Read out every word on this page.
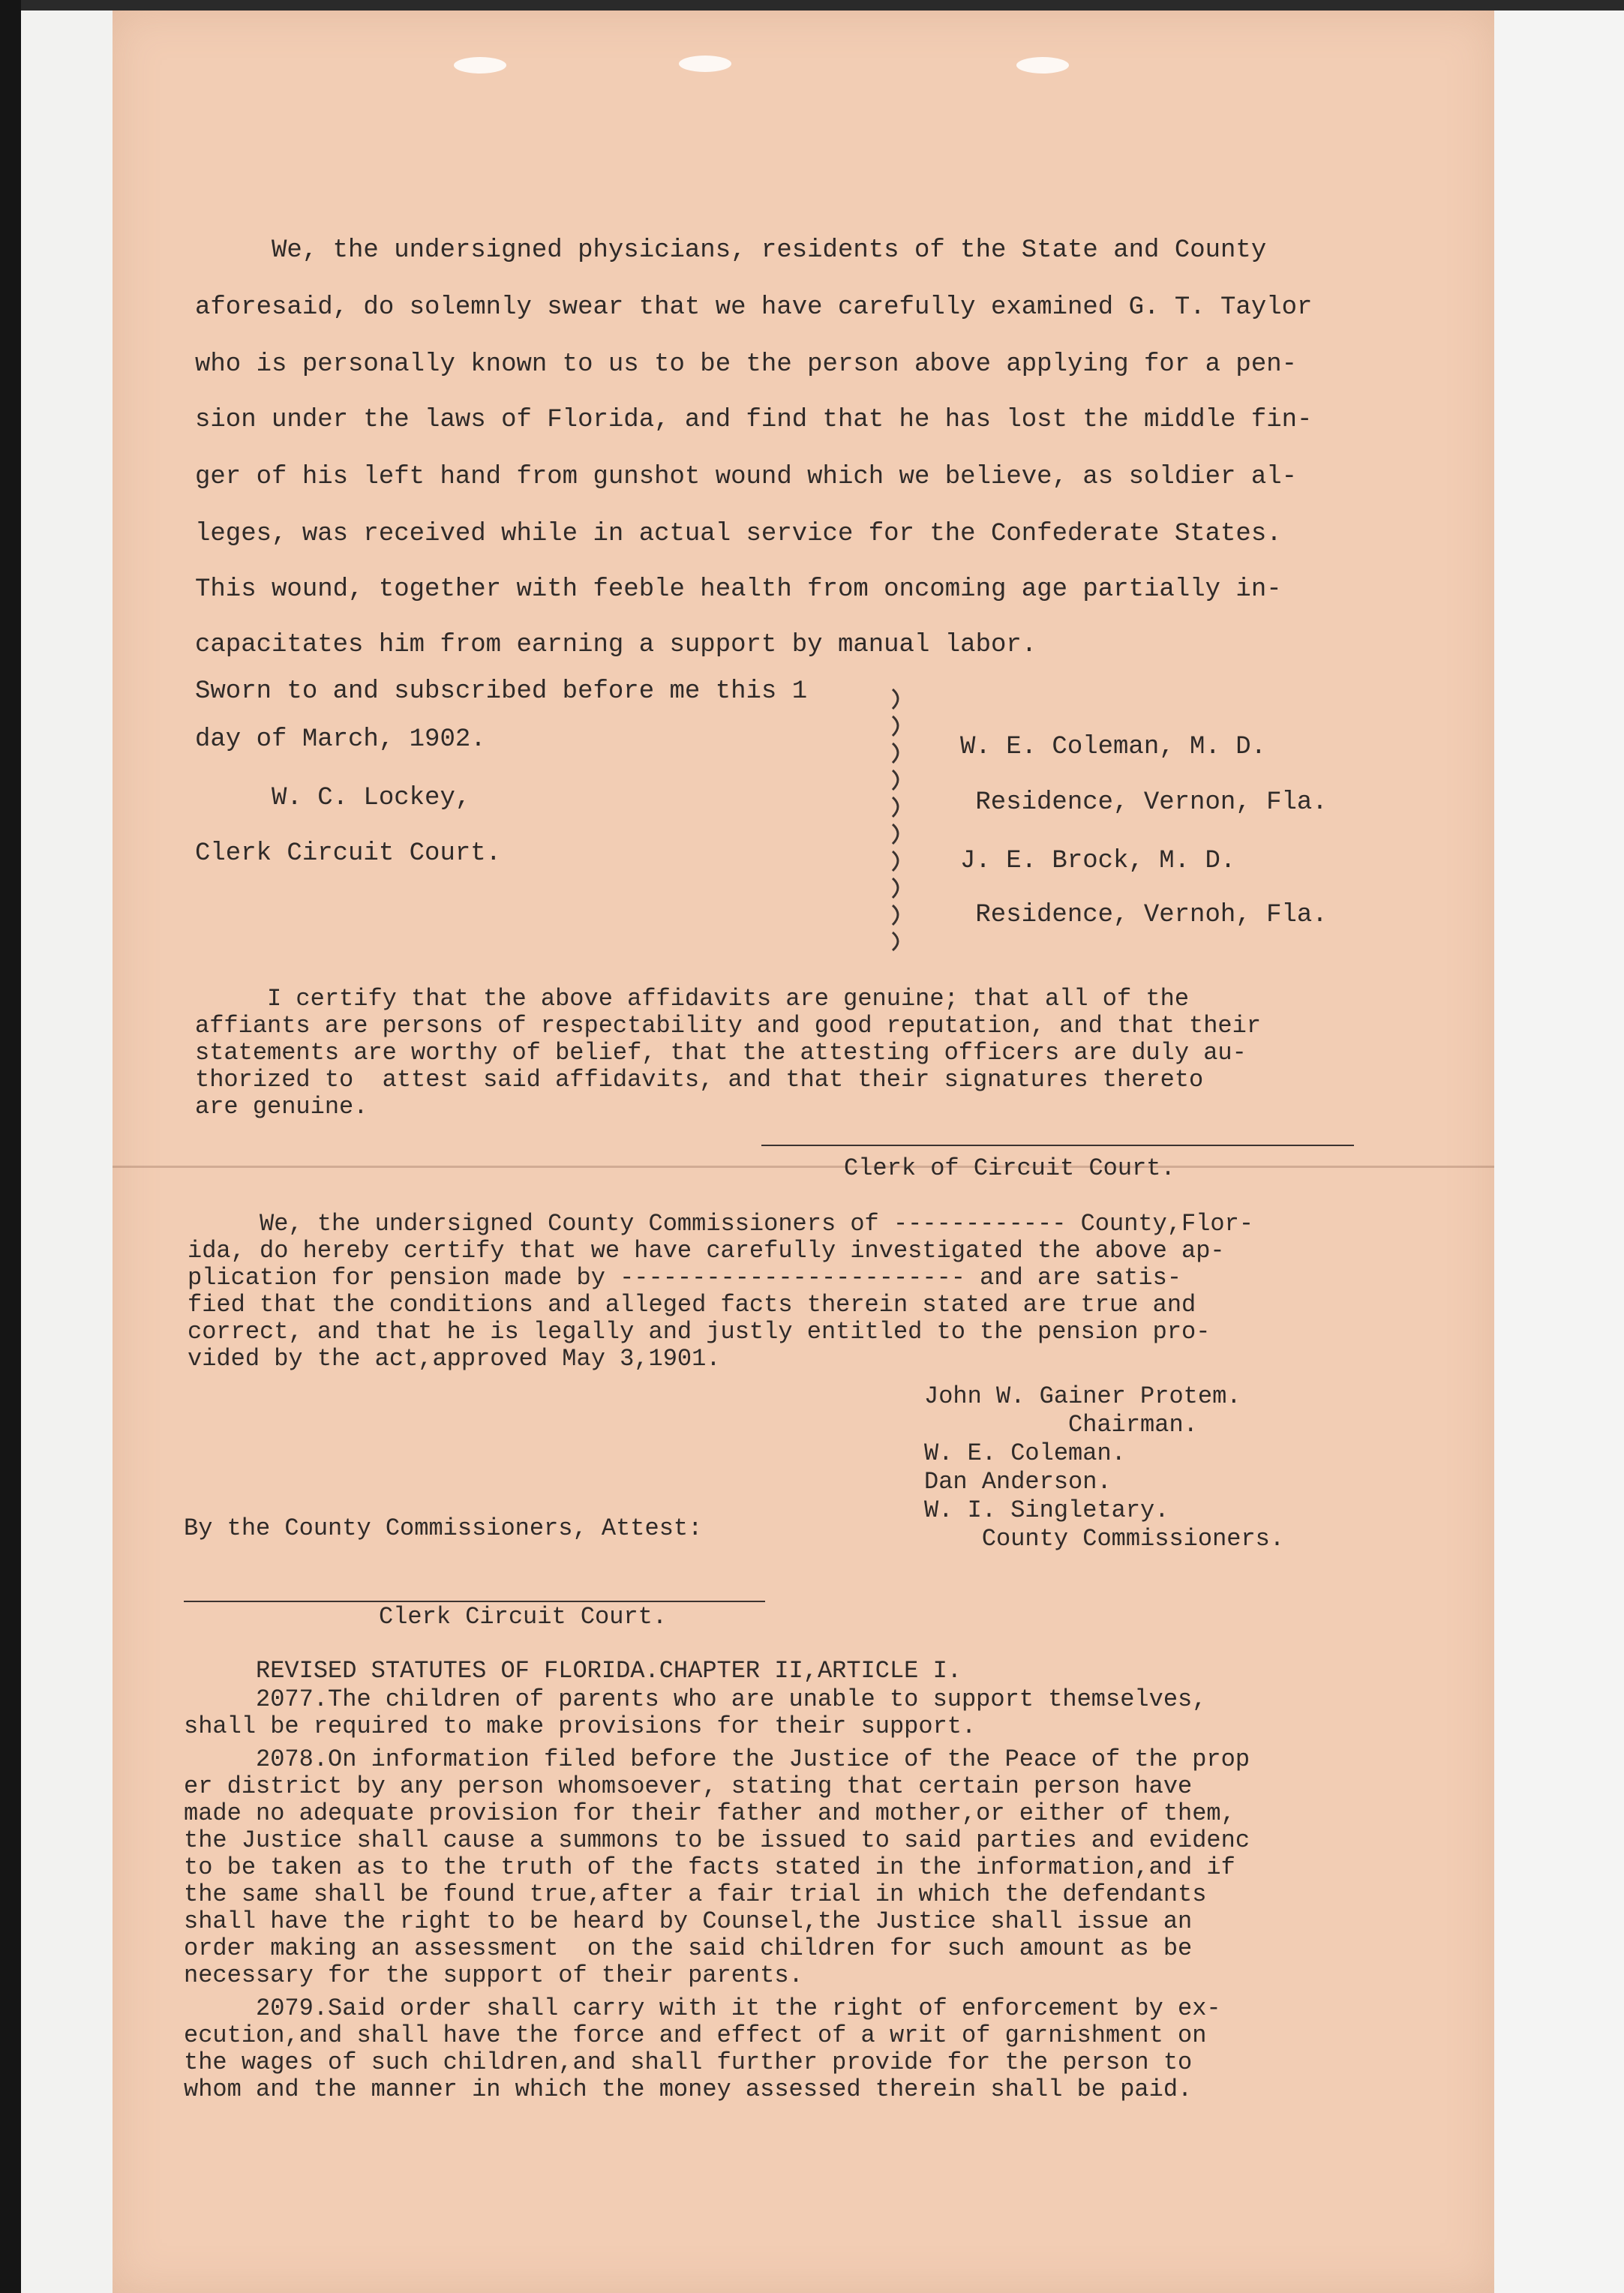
We, the undersigned physicians, residents of the State and County
aforesaid, do solemnly swear that we have carefully examined G. T. Taylor
who is personally known to us to be the person above applying for a pen-
sion under the laws of Florida, and find that he has lost the middle fin-
ger of his left hand from gunshot wound which we believe, as soldier al-
leges, was received while in actual service for the Confederate States.
This wound, together with feeble health from oncoming age partially in-
capacitates him from earning a support by manual labor.
Sworn to and subscribed before me this 1
day of March, 1902.
W. C. Lockey,
Clerk Circuit Court.
W. E. Coleman, M. D.
Residence, Vernon, Fla.
J. E. Brock, M. D.
Residence, Vernoh, Fla.
I certify that the above affidavits are genuine; that all of the
affiants are persons of respectability and good reputation, and that their
statements are worthy of belief, that the attesting officers are duly au-
thorized to  attest said affidavits, and that their signatures thereto
are genuine.
Clerk of Circuit Court.
We, the undersigned County Commissioners of ------------ County,Flor-
ida, do hereby certify that we have carefully investigated the above ap-
plication for pension made by ------------------------ and are satis-
fied that the conditions and alleged facts therein stated are true and
correct, and that he is legally and justly entitled to the pension pro-
vided by the act,approved May 3,1901.
John W. Gainer Protem.
Chairman.
W. E. Coleman.
Dan Anderson.
W. I. Singletary.
County Commissioners.
By the County Commissioners, Attest:
Clerk Circuit Court.
REVISED STATUTES OF FLORIDA.CHAPTER II,ARTICLE I.
2077.The children of parents who are unable to support themselves,
shall be required to make provisions for their support.
2078.On information filed before the Justice of the Peace of the prop
er district by any person whomsoever, stating that certain person have
made no adequate provision for their father and mother,or either of them,
the Justice shall cause a summons to be issued to said parties and evidenc
to be taken as to the truth of the facts stated in the information,and if
the same shall be found true,after a fair trial in which the defendants
shall have the right to be heard by Counsel,the Justice shall issue an
order making an assessment  on the said children for such amount as be
necessary for the support of their parents.
2079.Said order shall carry with it the right of enforcement by ex-
ecution,and shall have the force and effect of a writ of garnishment on
the wages of such children,and shall further provide for the person to
whom and the manner in which the money assessed therein shall be paid.
